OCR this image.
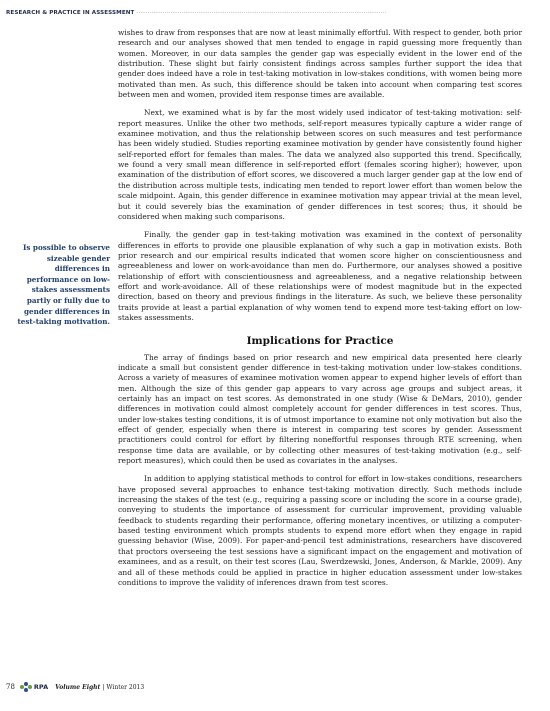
RESEARCH & PRACTICE IN ASSESSMENT ·····································································································································
Is possible to observe sizeable gender differences in performance on low-stakes assessments partly or fully due to gender differences in test-taking motivation.

wishes to draw from responses that are now at least minimally effortful. With respect to gender, both prior research and our analyses showed that men tended to engage in rapid guessing more frequently than women. Moreover, in our data samples the gender gap was especially evident in the lower end of the distribution. These slight but fairly consistent findings across samples further support the idea that gender does indeed have a role in test-taking motivation in low-stakes conditions, with women being more motivated than men. As such, this difference should be taken into account when comparing test scores between men and women, provided item response times are available.

Next, we examined what is by far the most widely used indicator of test-taking motivation: self-report measures. Unlike the other two methods, self-report measures typically capture a wider range of examinee motivation, and thus the relationship between scores on such measures and test performance has been widely studied. Studies reporting examinee motivation by gender have consistently found higher self-reported effort for females than males. The data we analyzed also supported this trend. Specifically, we found a very small mean difference in self-reported effort (females scoring higher); however, upon examination of the distribution of effort scores, we discovered a much larger gender gap at the low end of the distribution across multiple tests, indicating men tended to report lower effort than women below the scale midpoint. Again, this gender difference in examinee motivation may appear trivial at the mean level, but it could severely bias the examination of gender differences in test scores; thus, it should be considered when making such comparisons.

Finally, the gender gap in test-taking motivation was examined in the context of personality differences in efforts to provide one plausible explanation of why such a gap in motivation exists. Both prior research and our empirical results indicated that women score higher on conscientiousness and agreeableness and lower on work-avoidance than men do. Furthermore, our analyses showed a positive relationship of effort with conscientiousness and agreeableness, and a negative relationship between effort and work-avoidance. All of these relationships were of modest magnitude but in the expected direction, based on theory and previous findings in the literature. As such, we believe these personality traits provide at least a partial explanation of why women tend to expend more test-taking effort on low-stakes assessments.

Implications for Practice

The array of findings based on prior research and new empirical data presented here clearly indicate a small but consistent gender difference in test-taking motivation under low-stakes conditions. Across a variety of measures of examinee motivation women appear to expend higher levels of effort than men. Although the size of this gender gap appears to vary across age groups and subject areas, it certainly has an impact on test scores. As demonstrated in one study (Wise & DeMars, 2010), gender differences in motivation could almost completely account for gender differences in test scores. Thus, under low-stakes testing conditions, it is of utmost importance to examine not only motivation but also the effect of gender, especially when there is interest in comparing test scores by gender. Assessment practitioners could control for effort by filtering noneffortful responses through RTE screening, when response time data are available, or by collecting other measures of test-taking motivation (e.g., self-report measures), which could then be used as covariates in the analyses.

In addition to applying statistical methods to control for effort in low-stakes conditions, researchers have proposed several approaches to enhance test-taking motivation directly. Such methods include increasing the stakes of the test (e.g., requiring a passing score or including the score in a course grade), conveying to students the importance of assessment for curricular improvement, providing valuable feedback to students regarding their performance, offering monetary incentives, or utilizing a computer-based testing environment which prompts students to expend more effort when they engage in rapid guessing behavior (Wise, 2009). For paper-and-pencil test administrations, researchers have discovered that proctors overseeing the test sessions have a significant impact on the engagement and motivation of examinees, and as a result, on their test scores (Lau, Swerdzewski, Jones, Anderson, & Markle, 2009). Any and all of these methods could be applied in practice in higher education assessment under low-stakes conditions to improve the validity of inferences drawn from test scores.

78	RPA Volume Eight | Winter 2013
